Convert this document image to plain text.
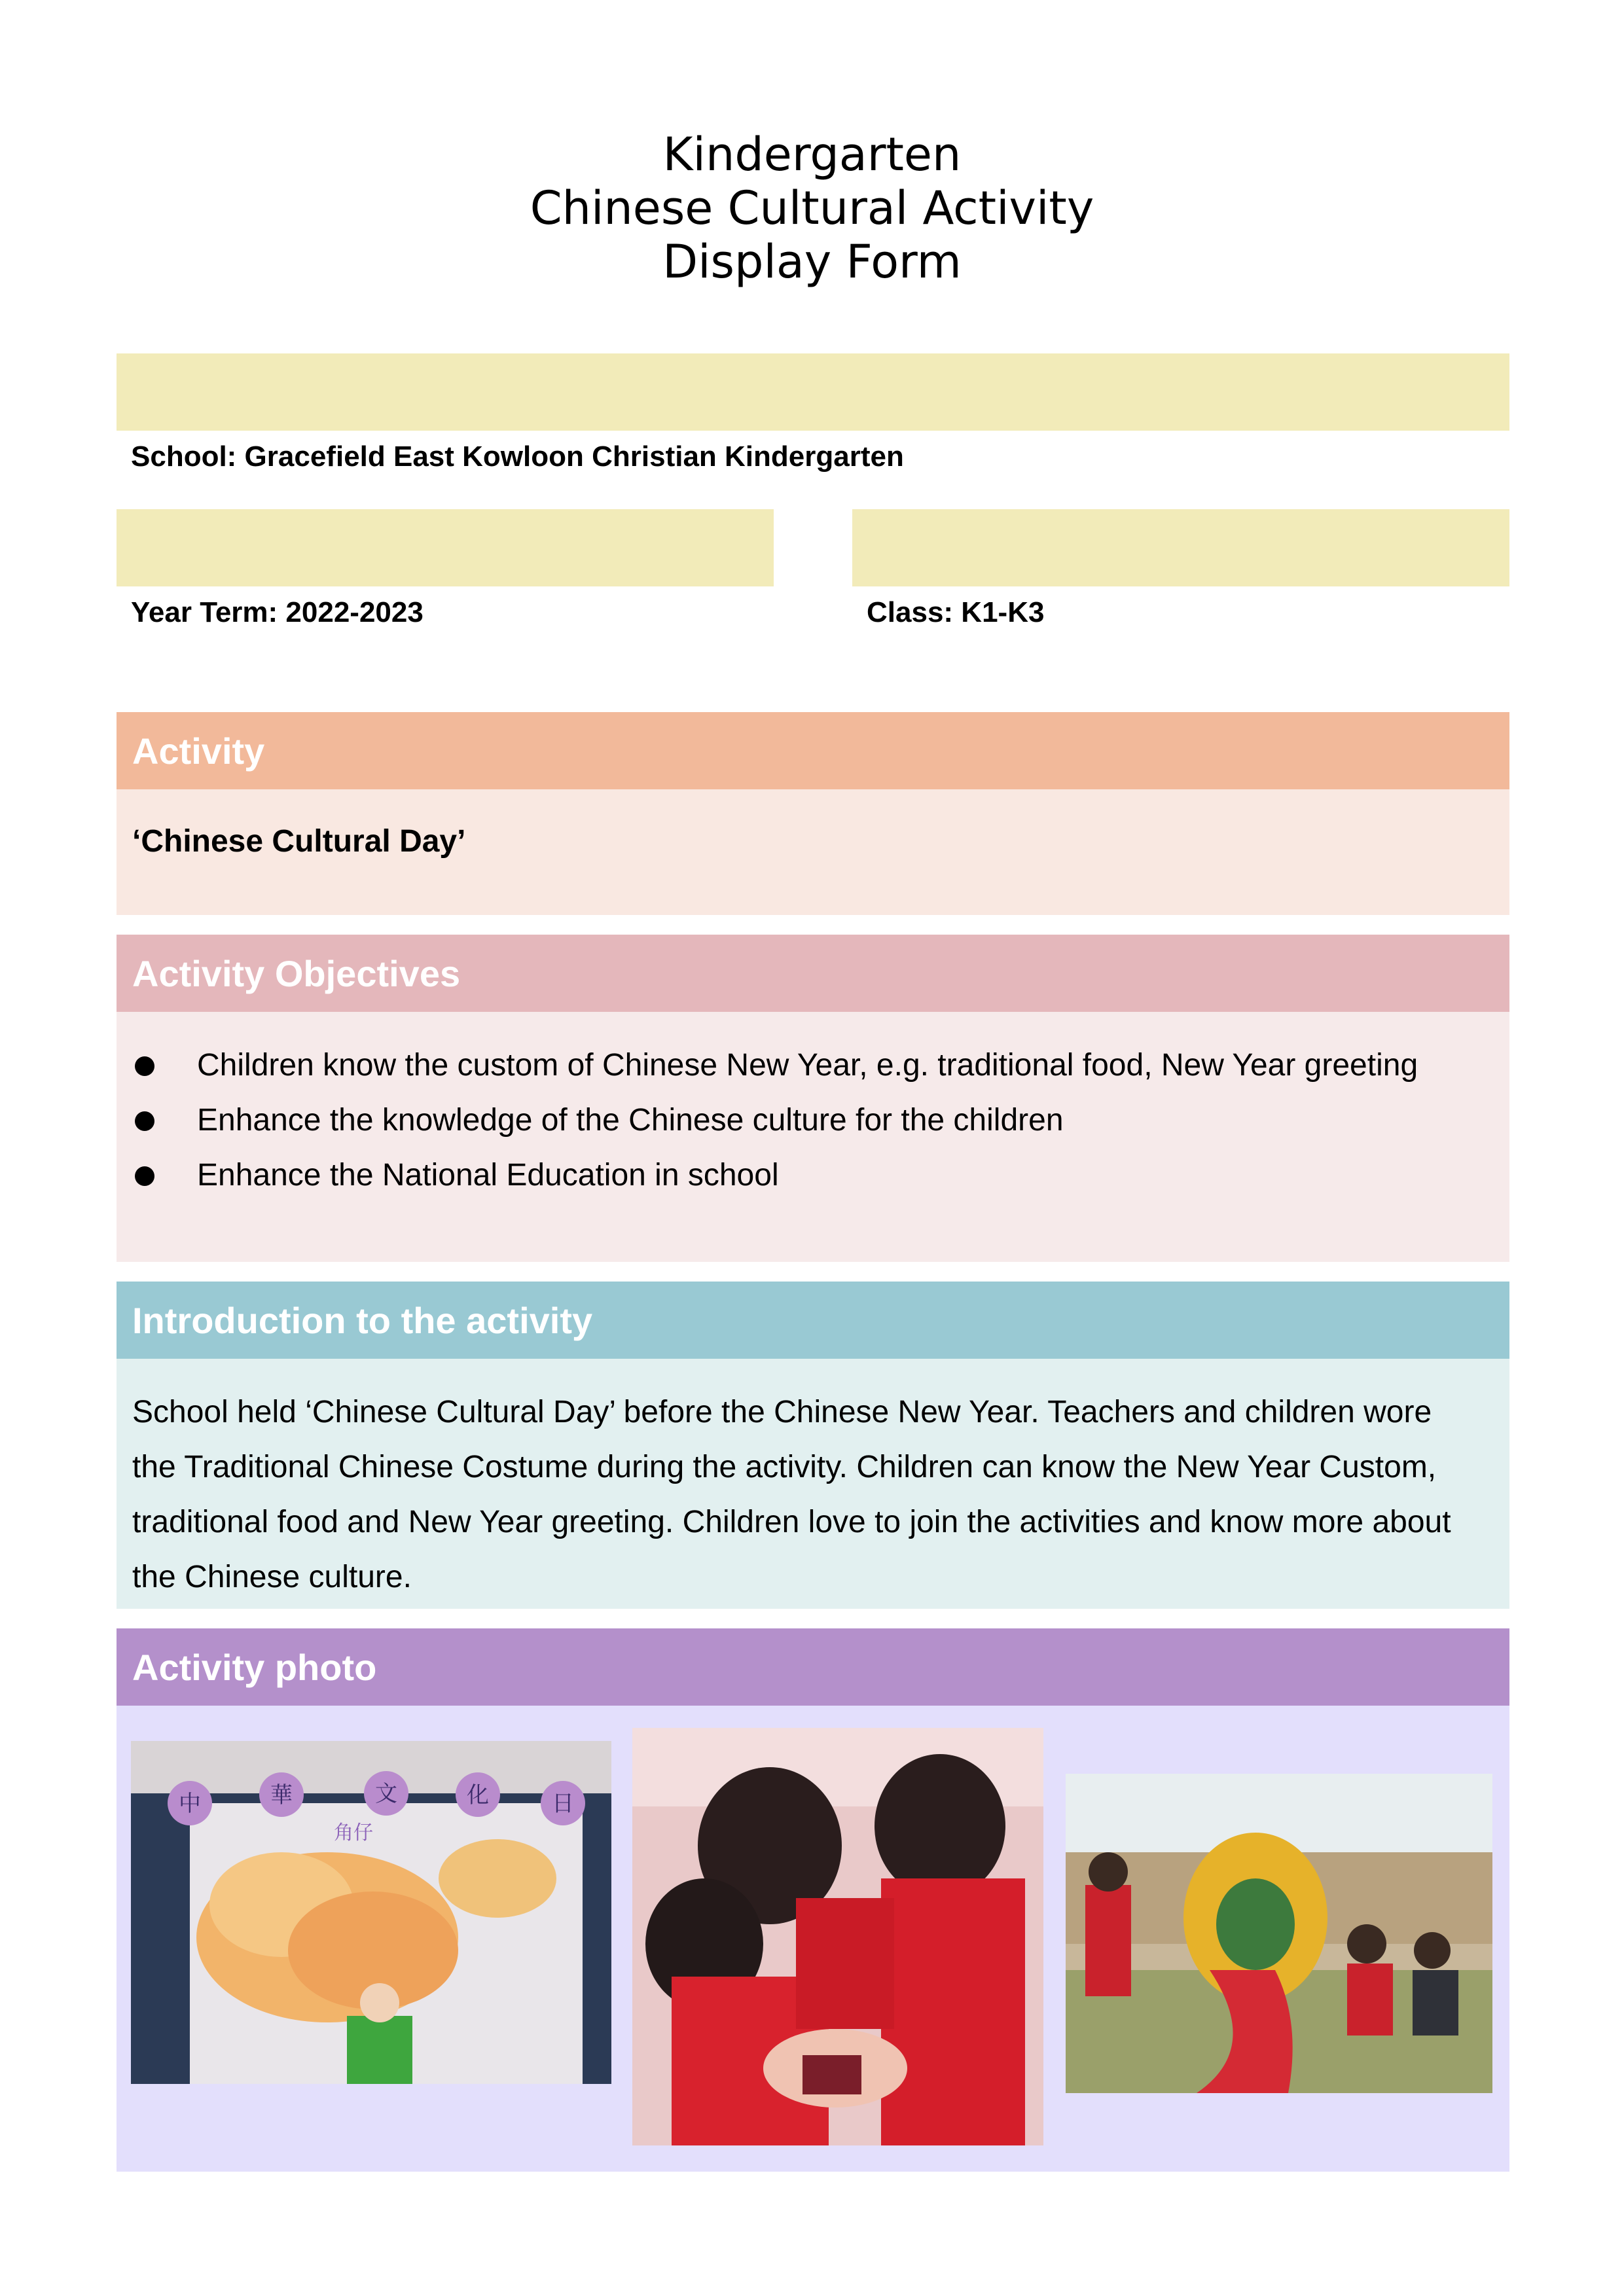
Kindergarten
Chinese Cultural Activity
Display Form
School: Gracefield East Kowloon Christian Kindergarten
Year Term: 2022-2023	Class: K1-K3
Activity
‘Chinese Cultural Day’
Activity Objectives
Children know the custom of Chinese New Year, e.g. traditional food, New Year greeting
Enhance the knowledge of the Chinese culture for the children
Enhance the National Education in school
Introduction to the activity
School held ‘Chinese Cultural Day’ before the Chinese New Year. Teachers and children wore
the Traditional Chinese Costume during the activity. Children can know the New Year Custom,
traditional food and New Year greeting. Children love to join the activities and know more about
the Chinese culture.
Activity photo
中	華	文	化	日
角仔
